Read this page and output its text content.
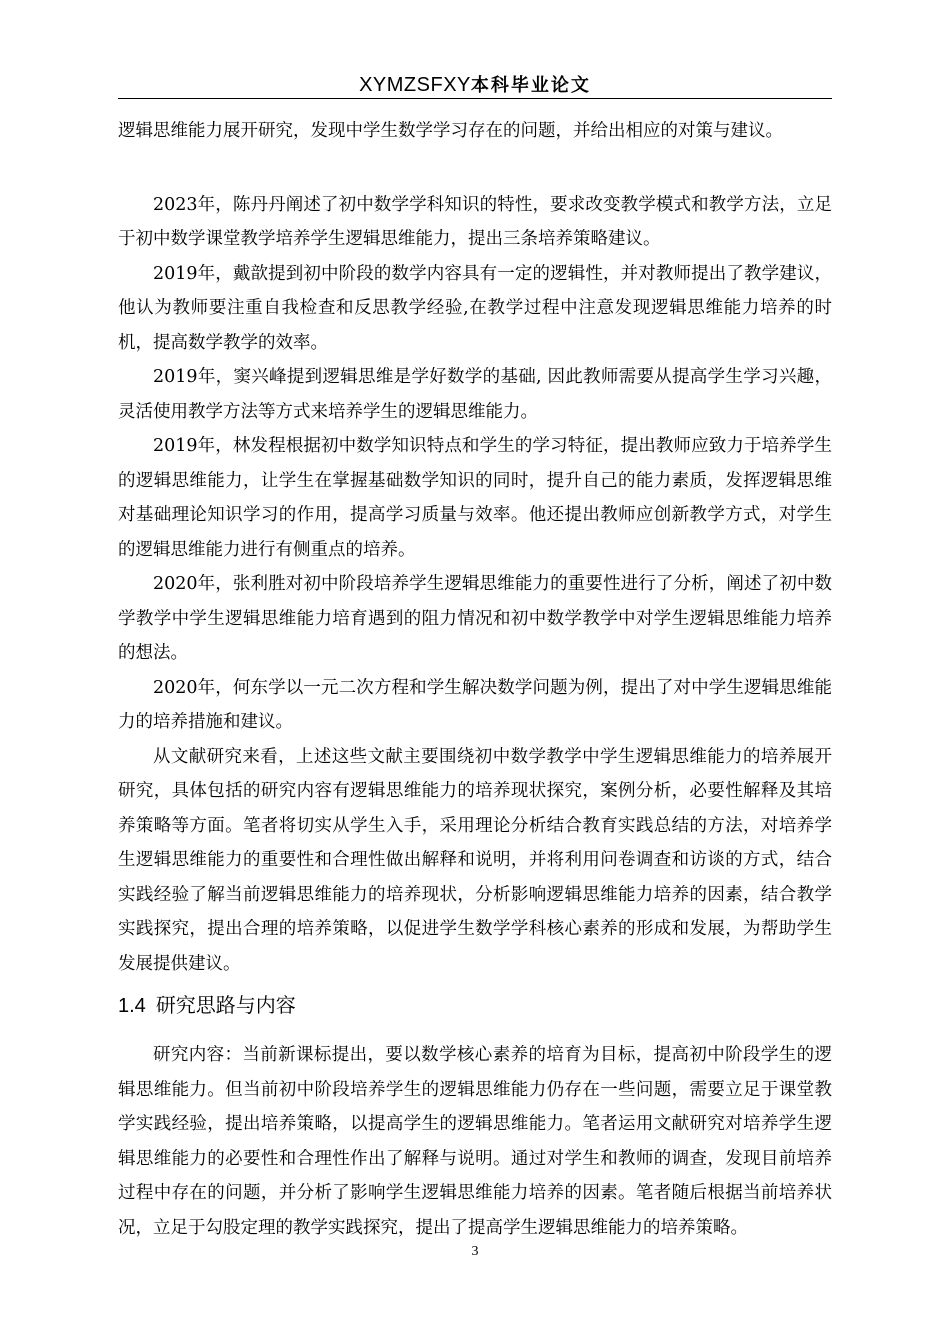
XYMZSFXY本科毕业论文

逻辑思维能力展开研究，发现中学生数学学习存在的问题，并给出相应的对策与建议。

2023年，陈丹丹阐述了初中数学学科知识的特性，要求改变教学模式和教学方法，立足于初中数学课堂教学培养学生逻辑思维能力，提出三条培养策略建议。

2019年，戴歆提到初中阶段的数学内容具有一定的逻辑性，并对教师提出了教学建议，他认为教师要注重自我检查和反思教学经验,在教学过程中注意发现逻辑思维能力培养的时机，提高数学教学的效率。

2019年，窦兴峰提到逻辑思维是学好数学的基础, 因此教师需要从提高学生学习兴趣，灵活使用教学方法等方式来培养学生的逻辑思维能力。

2019年，林发程根据初中数学知识特点和学生的学习特征，提出教师应致力于培养学生的逻辑思维能力，让学生在掌握基础数学知识的同时，提升自己的能力素质，发挥逻辑思维对基础理论知识学习的作用，提高学习质量与效率。他还提出教师应创新教学方式，对学生的逻辑思维能力进行有侧重点的培养。

2020年，张利胜对初中阶段培养学生逻辑思维能力的重要性进行了分析，阐述了初中数学教学中学生逻辑思维能力培育遇到的阻力情况和初中数学教学中对学生逻辑思维能力培养的想法。

2020年，何东学以一元二次方程和学生解决数学问题为例，提出了对中学生逻辑思维能力的培养措施和建议。

从文献研究来看，上述这些文献主要围绕初中数学教学中学生逻辑思维能力的培养展开研究，具体包括的研究内容有逻辑思维能力的培养现状探究，案例分析，必要性解释及其培养策略等方面。笔者将切实从学生入手，采用理论分析结合教育实践总结的方法，对培养学生逻辑思维能力的重要性和合理性做出解释和说明，并将利用问卷调查和访谈的方式，结合实践经验了解当前逻辑思维能力的培养现状，分析影响逻辑思维能力培养的因素，结合教学实践探究，提出合理的培养策略，以促进学生数学学科核心素养的形成和发展，为帮助学生发展提供建议。

1.4 研究思路与内容

研究内容：当前新课标提出，要以数学核心素养的培育为目标，提高初中阶段学生的逻辑思维能力。但当前初中阶段培养学生的逻辑思维能力仍存在一些问题，需要立足于课堂教学实践经验，提出培养策略，以提高学生的逻辑思维能力。笔者运用文献研究对培养学生逻辑思维能力的必要性和合理性作出了解释与说明。通过对学生和教师的调查，发现目前培养过程中存在的问题，并分析了影响学生逻辑思维能力培养的因素。笔者随后根据当前培养状况，立足于勾股定理的教学实践探究，提出了提高学生逻辑思维能力的培养策略。

3
